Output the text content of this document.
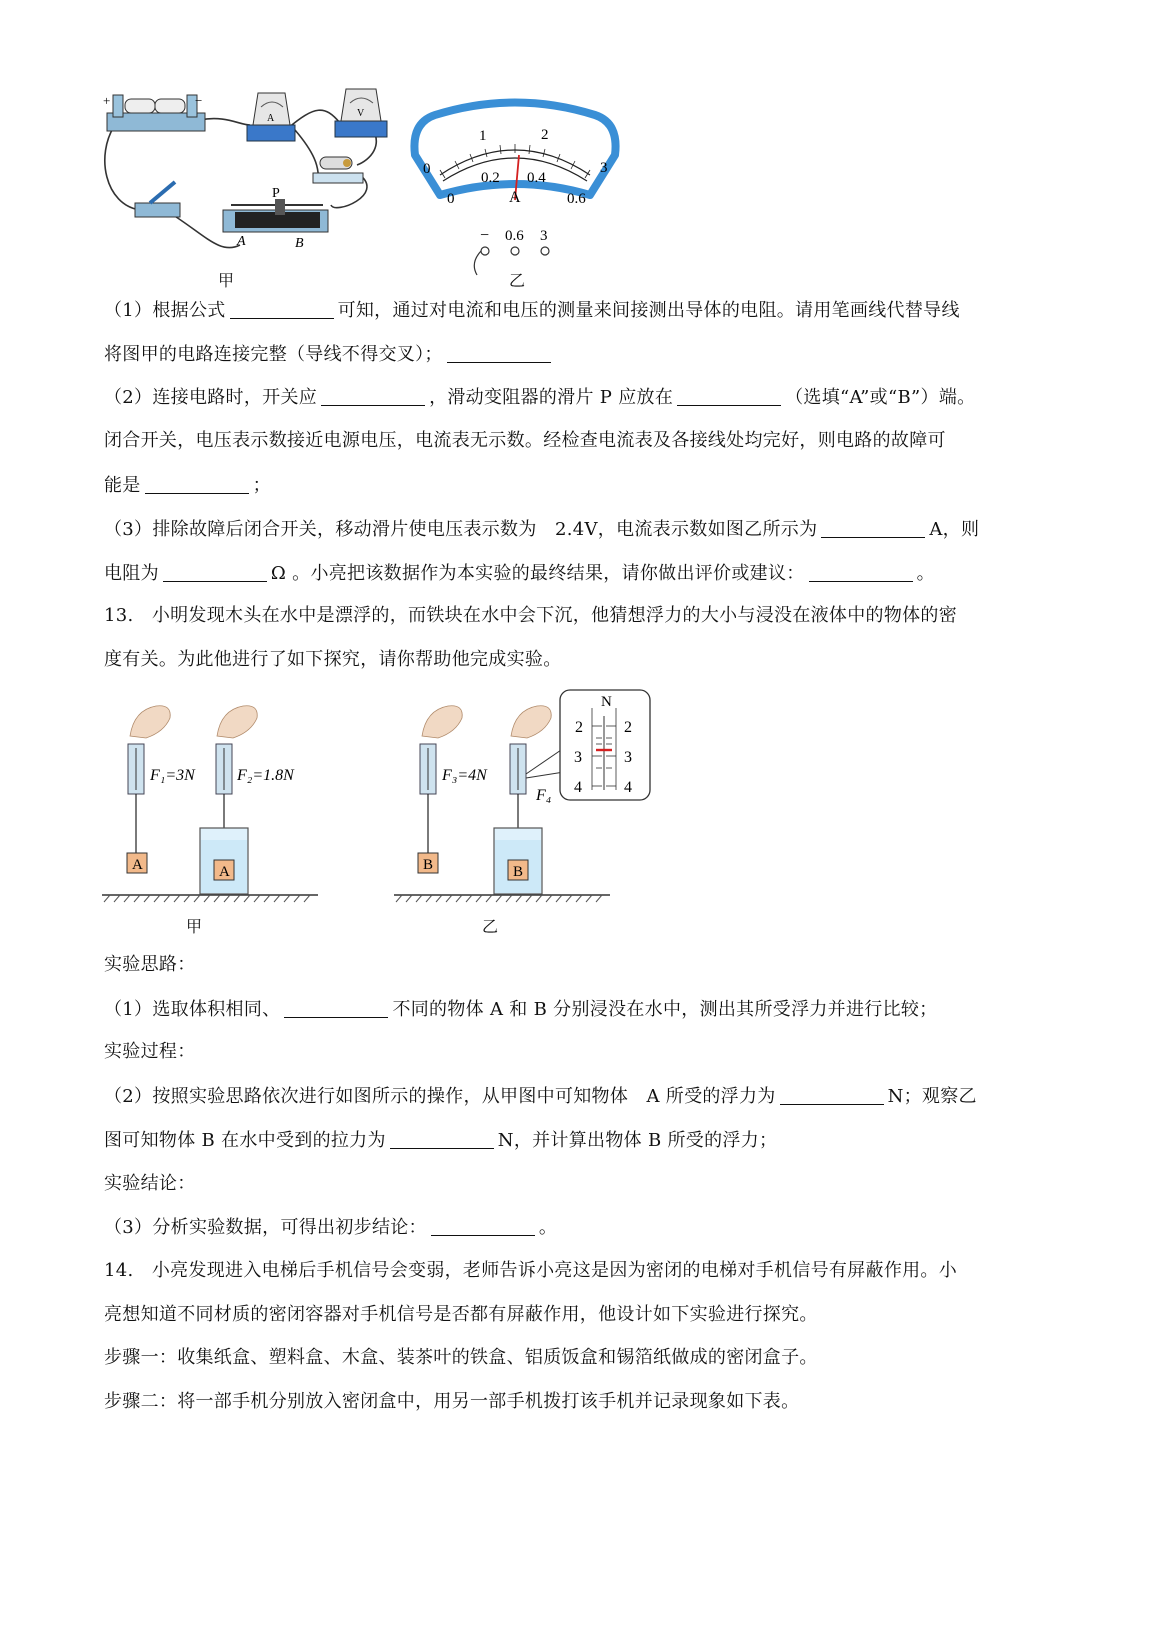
+	−
A	V
P
A	B
0
1	2
3
0
0.2 0.4
0.6
A
− 0.6 3
甲	乙
（1）根据公式	可知，通过对电流和电压的测量来间接测出导体的电阻。请用笔画线代替导线
将图甲的电路连接完整（导线不得交叉）；
（2）连接电路时，开关应	，滑动变阻器的滑片 P 应放在	（选填“A”或“B”）端。
闭合开关，电压表示数接近电源电压，电流表无示数。经检查电流表及各接线处均完好，则电路的故障可
能是	；
（3）排除故障后闭合开关，移动滑片使电压表示数为　2.4V，电流表示数如图乙所示为	A，则
电阻为	Ω 。小亮把该数据作为本实验的最终结果，请你做出评价或建议：	。
13.　小明发现木头在水中是漂浮的，而铁块在水中会下沉，他猜想浮力的大小与浸没在液体中的物体的密
度有关。为此他进行了如下探究，请你帮助他完成实验。
N
2
3
4
2
3
4
F₁=3N	F₂=1.8N	F₃=4N
F₄
A	A	B	B
甲	乙
实验思路：
（1）选取体积相同、	不同的物体 A 和 B 分别浸没在水中，测出其所受浮力并进行比较；
实验过程：
（2）按照实验思路依次进行如图所示的操作，从甲图中可知物体　A 所受的浮力为	N；观察乙
图可知物体 B 在水中受到的拉力为	N，并计算出物体 B 所受的浮力；
实验结论：
（3）分析实验数据，可得出初步结论：	。
14.　小亮发现进入电梯后手机信号会变弱，老师告诉小亮这是因为密闭的电梯对手机信号有屏蔽作用。小
亮想知道不同材质的密闭容器对手机信号是否都有屏蔽作用，他设计如下实验进行探究。
步骤一：收集纸盒、塑料盒、木盒、装茶叶的铁盒、铝质饭盒和锡箔纸做成的密闭盒子。
步骤二：将一部手机分别放入密闭盒中，用另一部手机拨打该手机并记录现象如下表。
